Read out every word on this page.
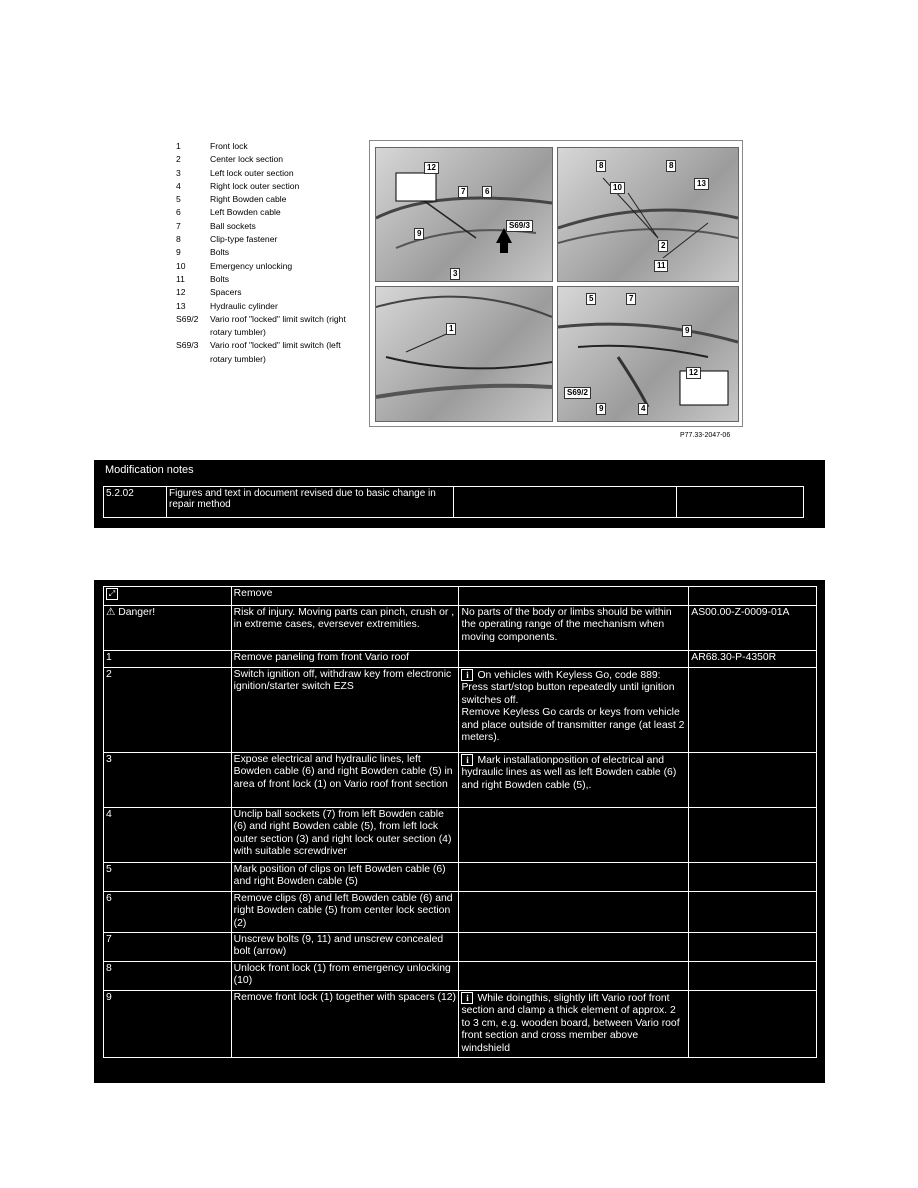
1	Front lock
2	Center lock section
3	Left lock outer section
4	Right lock outer section
5	Right Bowden cable
6	Left Bowden cable
7	Ball sockets
8	Clip-type fastener
9	Bolts
10	Emergency unlocking
11	Bolts
12	Spacers
13	Hydraulic cylinder
S69/2	Vario roof "locked" limit switch (right rotary tumbler)
S69/3	Vario roof "locked" limit switch (left rotary tumbler)
12
7	6
9
S69/3
3
8	8
10	13
2
11
1
5	7
9
S69/2
9	4
12
P77.33-2047-06
Modification notes
5.2.02	Figures and text in document revised due to basic change in repair method		
⤢	Remove		
⚠ Danger!	Risk of injury. Moving parts can pinch, crush or , in extreme cases, eversever extremities.	No parts of the body or limbs should be within the operating range of the mechanism when moving components.	AS00.00-Z-0009-01A
1	Remove paneling from front Vario roof		AR68.30-P-4350R
2	Switch ignition off, withdraw key from electronic ignition/starter switch EZS	i On vehicles with Keyless Go, code 889:
Press start/stop button repeatedly until ignition switches off.
Remove Keyless Go cards or keys from vehicle and place outside of transmitter range (at least 2 meters).	

3	Expose electrical and hydraulic lines, left Bowden cable (6) and right Bowden cable (5) in area of front lock (1) on Vario roof front section	i Mark installationposition of electrical and hydraulic lines as well as left Bowden cable (6) and right Bowden cable (5),.	
4	Unclip ball sockets (7) from left Bowden cable (6) and right Bowden cable (5), from left lock outer section (3) and right lock outer section (4) with suitable screwdriver		
5	Mark position of clips on left Bowden cable (6) and right Bowden cable (5)		
6	Remove clips (8) and left Bowden cable (6) and right Bowden cable (5) from center lock section (2)		
7	Unscrew bolts (9, 11) and unscrew concealed bolt (arrow)		
8	Unlock front lock (1) from emergency unlocking (10)		
9	Remove front lock (1) together with spacers (12)	i While doingthis, slightly lift Vario roof front section and clamp a thick element of approx. 2 to 3 cm, e.g. wooden board, between Vario roof front section and cross member above windshield	
